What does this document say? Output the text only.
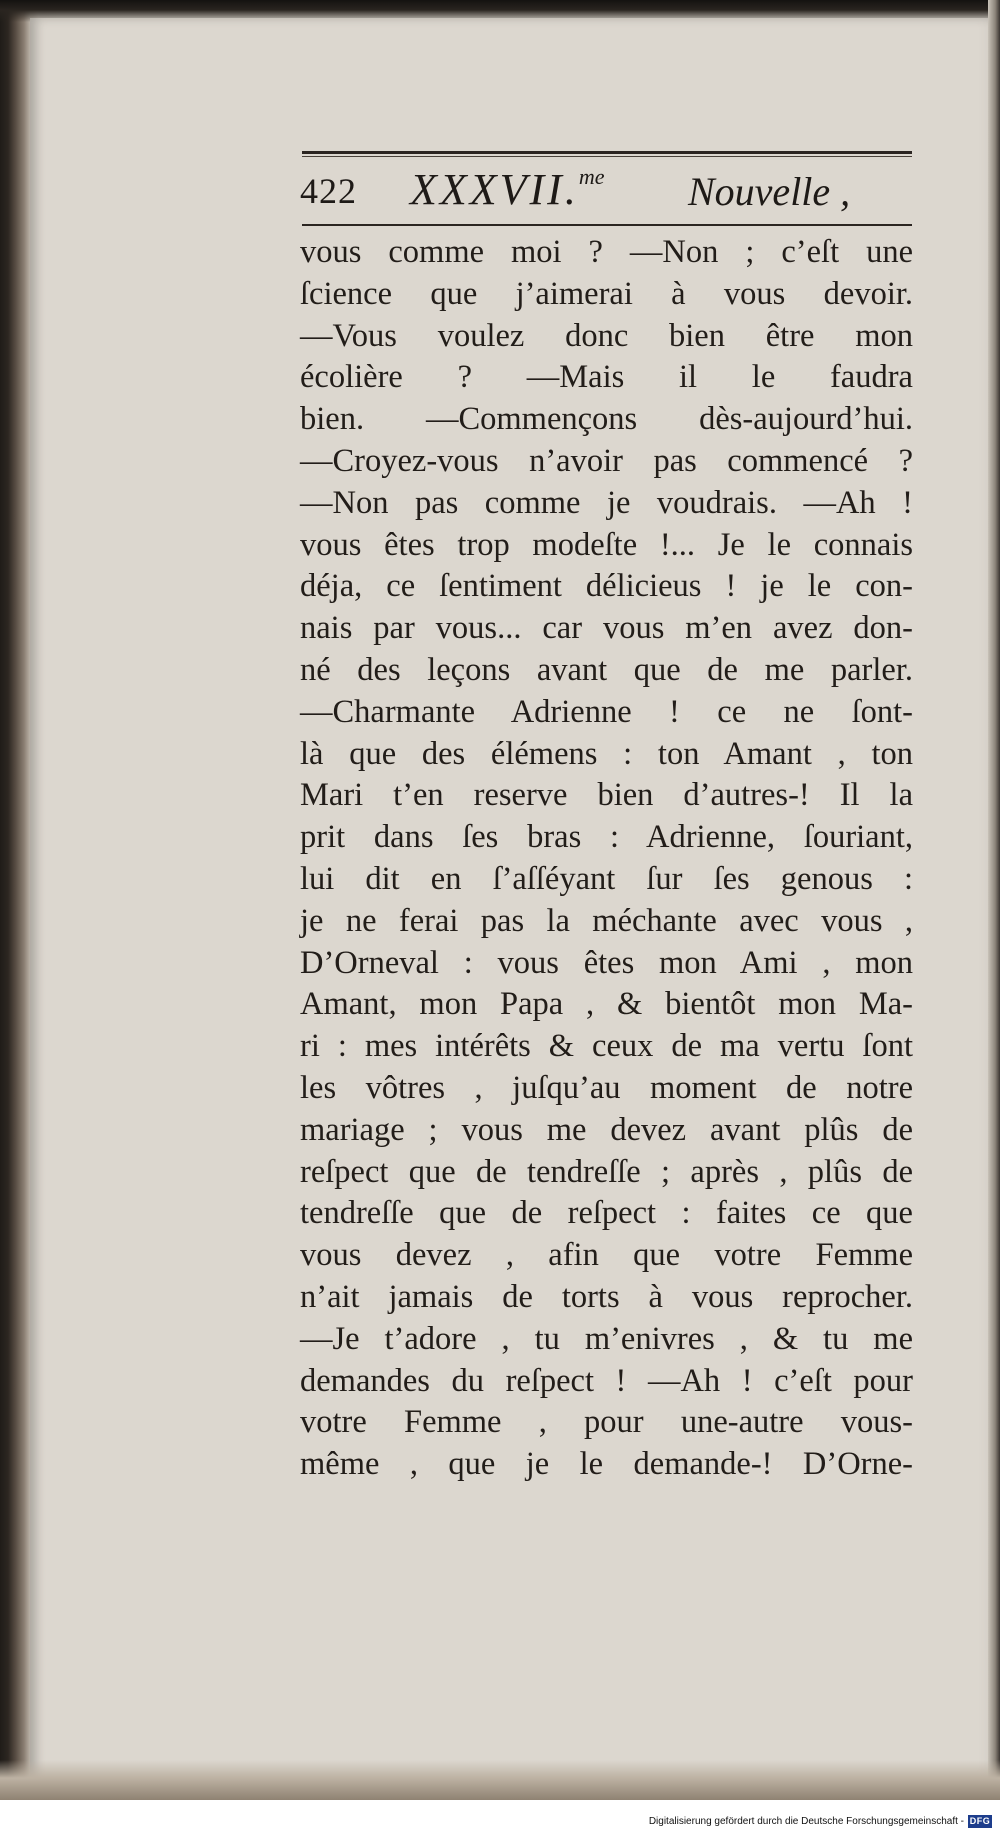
422 XXXVII.$^{me}$ Nouvelle ,
vous comme moi ? —Non ; c’eſt une
ſcience que j’aimerai à vous devoir.
—Vous voulez donc bien être mon
écolière ? —Mais il le faudra
bien. —Commençons dès-aujourd’hui.
—Croyez-vous n’avoir pas commencé ?
—Non pas comme je voudrais. —Ah !
vous êtes trop modeſte !... Je le connais
déja, ce ſentiment délicieus ! je le con-
nais par vous... car vous m’en avez don-
né des leçons avant que de me parler.
—Charmante Adrienne ! ce ne ſont-
là que des élémens : ton Amant , ton
Mari t’en reserve bien d’autres-! Il la
prit dans ſes bras : Adrienne, ſouriant,
lui dit en ſ’aſſéyant ſur ſes genous :
je ne ferai pas la méchante avec vous ,
D’Orneval : vous êtes mon Ami , mon
Amant, mon Papa , & bientôt mon Ma-
ri : mes intérêts & ceux de ma vertu ſont
les vôtres , juſqu’au moment de notre
mariage ; vous me devez avant plûs de
reſpect que de tendreſſe ; après , plûs de
tendreſſe que de reſpect : faites ce que
vous devez , afin que votre Femme
n’ait jamais de torts à vous reprocher.
—Je t’adore , tu m’enivres , & tu me
demandes du reſpect ! —Ah ! c’eſt pour
votre Femme , pour une-autre vous-
même , que je le demande-! D’Orne-
Digitalisierung gefördert durch die Deutsche Forschungsgemeinschaft - DFG
